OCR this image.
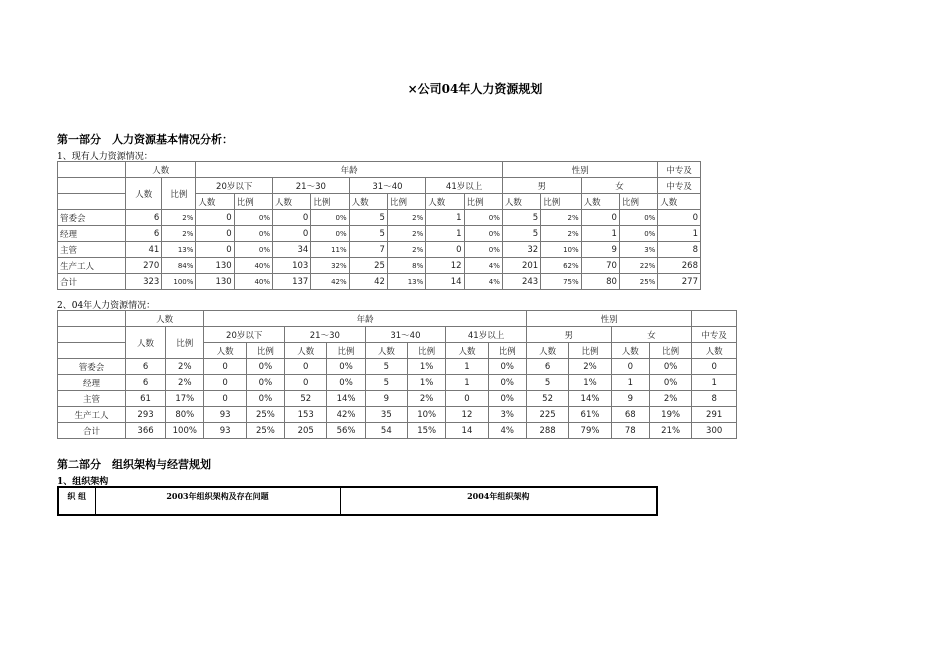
×公司04年人力资源规划
第一部分　人力资源基本情况分析：
1、现有人力资源情况：
	人数		年龄								性别				中专及
	人数	比例	20岁以下		21～30		31～40		41岁以上		男		女		中专及
			人数	比例	人数	比例	人数	比例	人数	比例	人数	比例	人数	比例	人数
管委会	6	2%	0	0%	0	0%	5	2%	1	0%	5	2%	0	0%	0
经理	6	2%	0	0%	0	0%	5	2%	1	0%	5	2%	1	0%	1
主管	41	13%	0	0%	34	11%	7	2%	0	0%	32	10%	9	3%	8
生产工人	270	84%	130	40%	103	32%	25	8%	12	4%	201	62%	70	22%	268
合计	323	100%	130	40%	137	42%	42	13%	14	4%	243	75%	80	25%	277
2、04年人力资源情况：
	人数		年龄								性别				
	人数	比例	20岁以下		21～30		31～40		41岁以上		男		女		中专及
			人数	比例	人数	比例	人数	比例	人数	比例	人数	比例	人数	比例	人数
管委会	6	2%	0	0%	0	0%	5	1%	1	0%	6	2%	0	0%	0
经理	6	2%	0	0%	0	0%	5	1%	1	0%	5	1%	1	0%	1
主管	61	17%	0	0%	52	14%	9	2%	0	0%	52	14%	9	2%	8
生产工人	293	80%	93	25%	153	42%	35	10%	12	3%	225	61%	68	19%	291
合计	366	100%	93	25%	205	56%	54	15%	14	4%	288	79%	78	21%	300
第二部分　组织架构与经营规划
1、组织架构
织 组	2003年组织架构及存在问题	2004年组织架构
